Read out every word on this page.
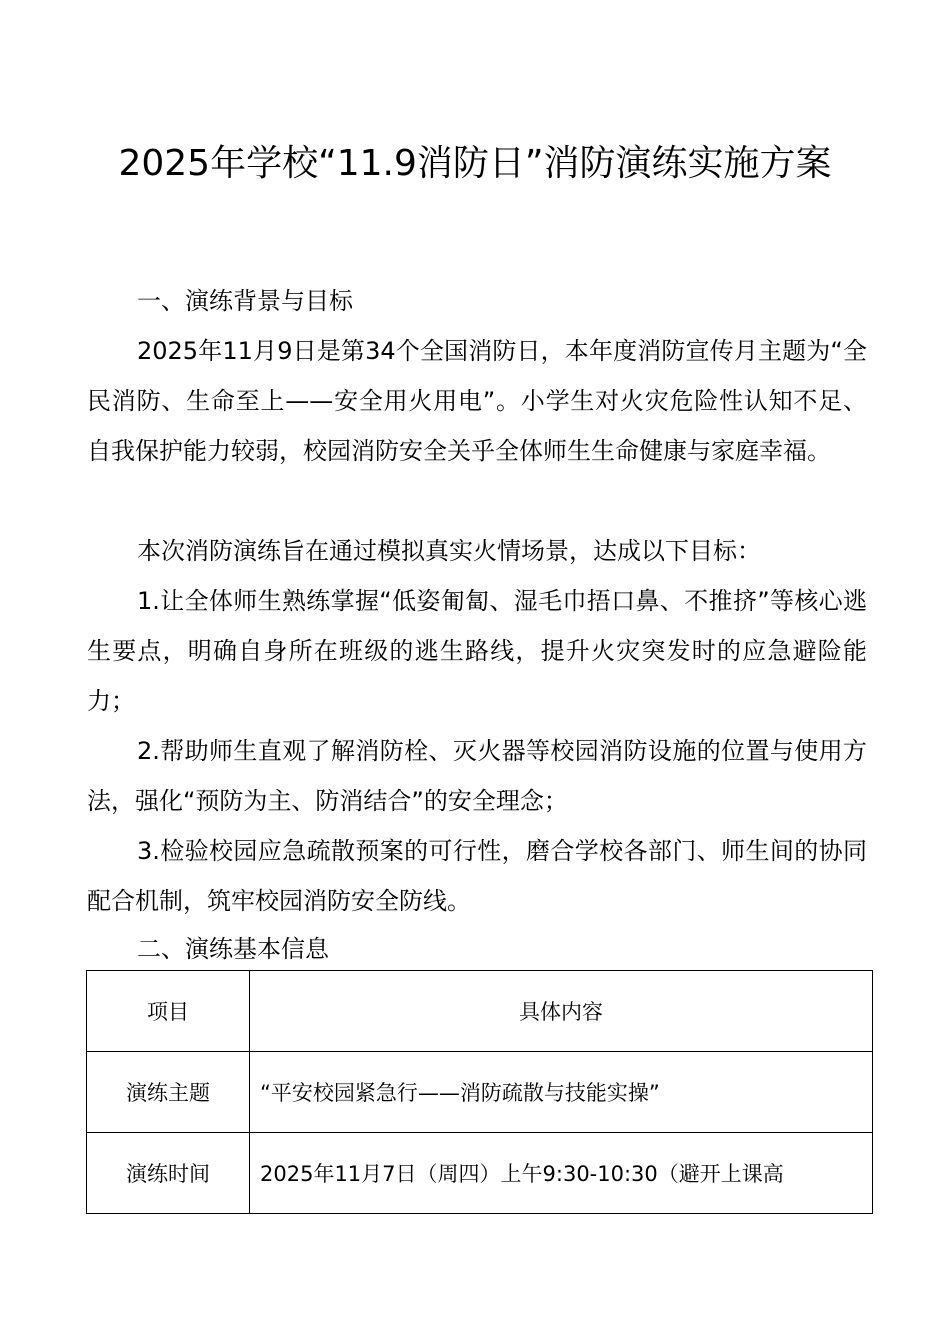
2025年学校“11.9消防日”消防演练实施方案

一、演练背景与目标

2025年11月9日是第34个全国消防日，本年度消防宣传月主题为“全民消防、生命至上——安全用火用电”。小学生对火灾危险性认知不足、自我保护能力较弱，校园消防安全关乎全体师生生命健康与家庭幸福。

本次消防演练旨在通过模拟真实火情场景，达成以下目标：

1.让全体师生熟练掌握“低姿匍匐、湿毛巾捂口鼻、不推挤”等核心逃生要点，明确自身所在班级的逃生路线，提升火灾突发时的应急避险能力；

2.帮助师生直观了解消防栓、灭火器等校园消防设施的位置与使用方法，强化“预防为主、防消结合”的安全理念；

3.检验校园应急疏散预案的可行性，磨合学校各部门、师生间的协同配合机制，筑牢校园消防安全防线。

二、演练基本信息

项目	具体内容
演练主题	“平安校园紧急行——消防疏散与技能实操”
演练时间	2025年11月7日（周四）上午9:30-10:30（避开上课高
